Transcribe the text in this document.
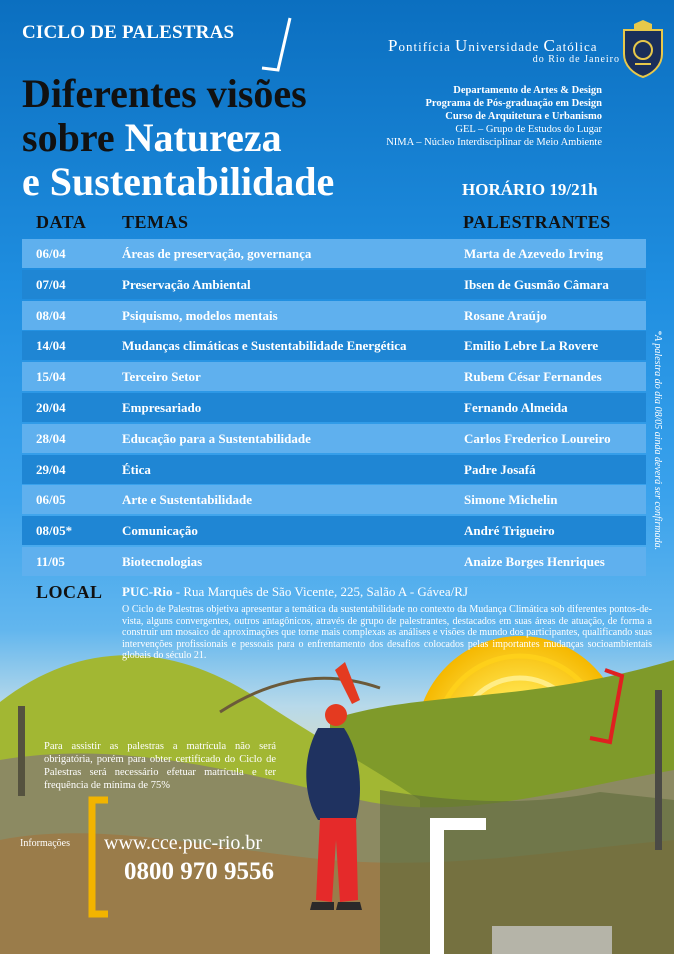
CICLO DE PALESTRAS
Diferentes visões
sobre Natureza
e Sustentabilidade
Pontifícia Universidade Católica
do Rio de Janeiro
Departamento de Artes & Design
Programa de Pós-graduação em Design
Curso de Arquitetura e Urbanismo
GEL – Grupo de Estudos do Lugar
NIMA – Núcleo Interdisciplinar de Meio Ambiente
HORÁRIO 19/21h
DATA TEMAS	PALESTRANTES
06/04	Áreas de preservação, governança	Marta de Azevedo Irving
07/04	Preservação Ambiental	Ibsen de Gusmão Câmara
08/04	Psiquismo, modelos mentais	Rosane Araújo
14/04	Mudanças climáticas e Sustentabilidade Energética	Emilio Lebre La Rovere
15/04	Terceiro Setor	Rubem César Fernandes
20/04	Empresariado	Fernando Almeida
28/04	Educação para a Sustentabilidade	Carlos Frederico Loureiro
29/04	Ética	Padre Josafá
06/05	Arte e Sustentabilidade	Simone Michelin
08/05*	Comunicação	André Trigueiro
11/05	Biotecnologias	Anaize Borges Henriques
LOCAL PUC-Rio - Rua Marquês de São Vicente, 225, Salão A - Gávea/RJ
O Ciclo de Palestras objetiva apresentar a temática da sustentabilidade no contexto da Mudança Climática sob diferentes pontos-de-vista, alguns convergentes, outros antagônicos, através de grupo de palestrantes, destacados em suas áreas de atuação, de forma a construir um mosaico de aproximações que torne mais complexas as análises e visões de mundo dos participantes, qualificando suas intervenções profissionais e pessoais para o enfrentamento dos desafios colocados pelas importantes mudanças socioambientais globais do século 21.
*A palestra do dia 08/05 ainda deverá ser confirmada.
Para assistir as palestras a matrícula não será obrigatória, porém para obter certificado do Ciclo de Palestras será necessário efetuar matrícula e ter frequência de mínima de 75%
Informações www.cce.puc-rio.br
0800 970 9556
